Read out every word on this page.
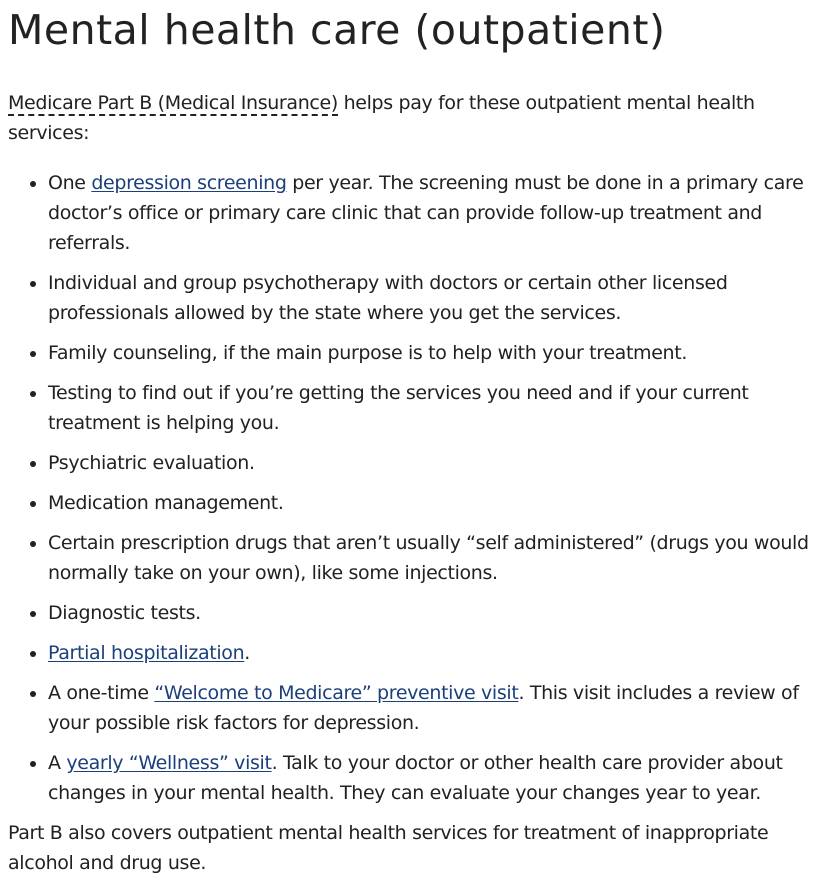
Mental health care (outpatient)

Medicare Part B (Medical Insurance) helps pay for these outpatient mental health services:

• One depression screening per year. The screening must be done in a primary care doctor’s office or primary care clinic that can provide follow-up treatment and referrals.
• Individual and group psychotherapy with doctors or certain other licensed professionals allowed by the state where you get the services.
• Family counseling, if the main purpose is to help with your treatment.
• Testing to find out if you’re getting the services you need and if your current treatment is helping you.
• Psychiatric evaluation.
• Medication management.
• Certain prescription drugs that aren’t usually “self administered” (drugs you would normally take on your own), like some injections.
• Diagnostic tests.
• Partial hospitalization.
• A one-time “Welcome to Medicare” preventive visit. This visit includes a review of your possible risk factors for depression.
• A yearly “Wellness” visit. Talk to your doctor or other health care provider about changes in your mental health. They can evaluate your changes year to year.

Part B also covers outpatient mental health services for treatment of inappropriate alcohol and drug use.
